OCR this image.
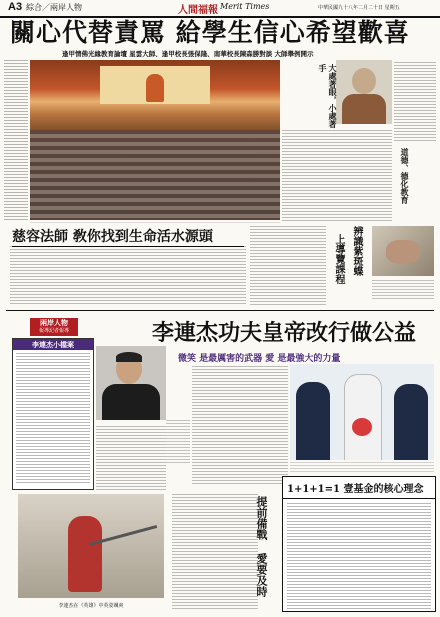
A3 綜合／兩岸人物	人間福報 Merit Times	中華民國九十八年二月二十日 星期五
關心代替責罵 給學生信心希望歡喜
逢甲情佛光緣教育論壇 星雲大師、逢甲校長張保隆、南華校長陳森勝對談 大師舉例開示
大處著眼，小處著手
道德、德化教育
慈容法師 敎你找到生命活水源頭	辨識紫斑蝶
上導覽課程
兩岸人物
報導記者報導	李連杰功夫皇帝改行做公益
微笑 是最厲害的武器 愛 是最強大的力量
李連杰小檔案
李連杰在《英雄》中英姿颯爽
提前備戰 愛要及時
1+1+1=1 壹基金的核心理念
